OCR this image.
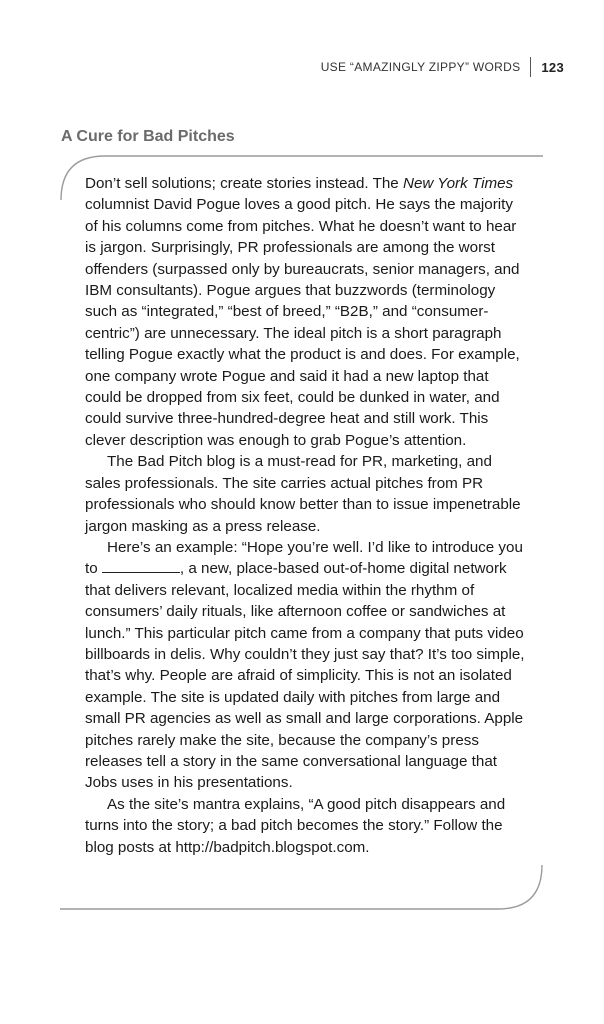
USE “AMAZINGLY ZIPPY” WORDS	123
A Cure for Bad Pitches

Don’t sell solutions; create stories instead. The New York Times columnist David Pogue loves a good pitch. He says the majority of his columns come from pitches. What he doesn’t want to hear is jargon. Surprisingly, PR professionals are among the worst offenders (surpassed only by bureaucrats, senior managers, and IBM consultants). Pogue argues that buzzwords (terminology such as “integrated,” “best of breed,” “B2B,” and “consumer-centric”) are unnecessary. The ideal pitch is a short paragraph telling Pogue exactly what the product is and does. For example, one company wrote Pogue and said it had a new laptop that could be dropped from six feet, could be dunked in water, and could survive three-hundred-degree heat and still work. This clever description was enough to grab Pogue’s attention.

The Bad Pitch blog is a must-read for PR, marketing, and sales professionals. The site carries actual pitches from PR professionals who should know better than to issue impenetrable jargon masking as a press release.

Here’s an example: “Hope you’re well. I’d like to introduce you to	, a new, place-based out-of-home digital network that delivers relevant, localized media within the rhythm of consumers’ daily rituals, like afternoon coffee or sandwiches at lunch.” This particular pitch came from a company that puts video billboards in delis. Why couldn’t they just say that? It’s too simple, that’s why. People are afraid of simplicity. This is not an isolated example. The site is updated daily with pitches from large and small PR agencies as well as small and large corporations. Apple pitches rarely make the site, because the company’s press releases tell a story in the same conversational language that Jobs uses in his presentations.

As the site’s mantra explains, “A good pitch disappears and turns into the story; a bad pitch becomes the story.” Follow the blog posts at http://badpitch.blogspot.com.
